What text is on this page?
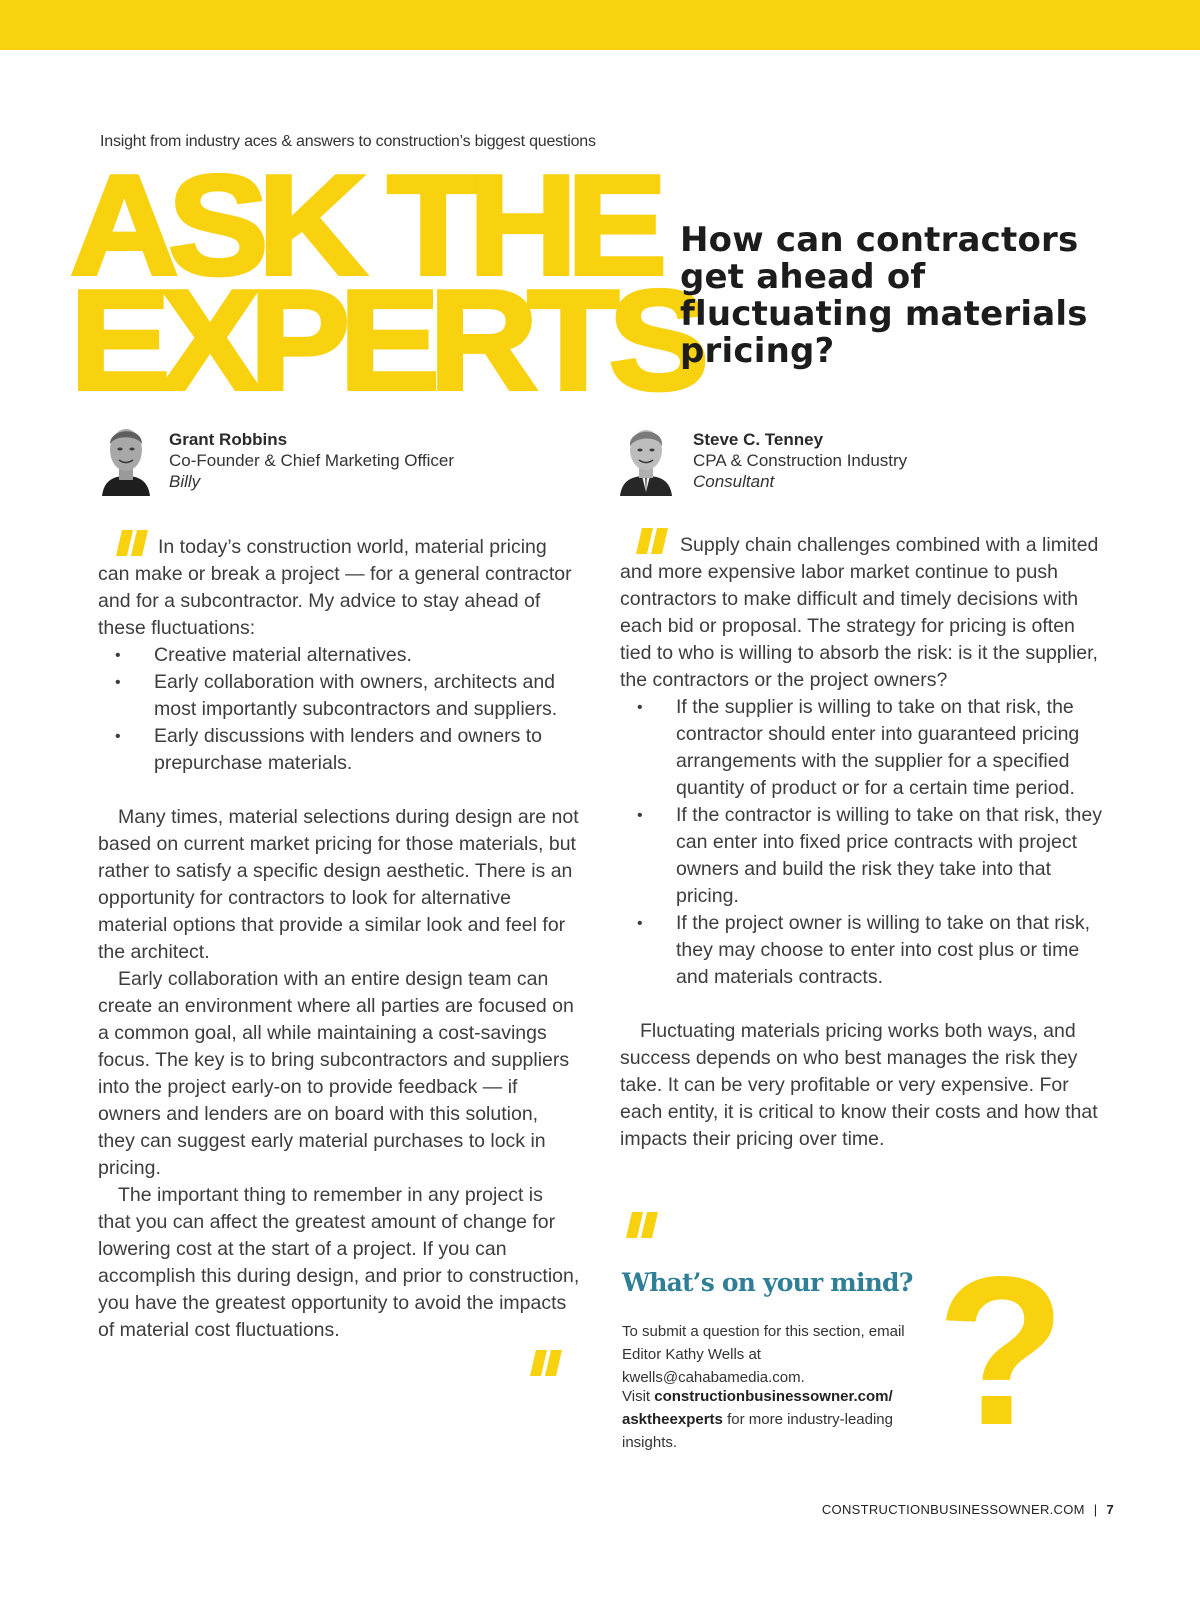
Insight from industry aces & answers to construction’s biggest questions
ASK THE
EXPERTS
How can contractors get ahead of fluctuating materials pricing?
Grant Robbins
Co-Founder & Chief Marketing Officer
Billy
Steve C. Tenney
CPA & Construction Industry
Consultant

In today’s construction world, material pricing can make or break a project — for a general contractor and for a subcontractor. My advice to stay ahead of these fluctuations:

• Creative material alternatives.
• Early collaboration with owners, architects and most importantly subcontractors and suppliers.
• Early discussions with lenders and owners to prepurchase materials.

Many times, material selections during design are not based on current market pricing for those materials, but rather to satisfy a specific design aesthetic. There is an opportunity for contractors to look for alternative material options that provide a similar look and feel for the architect.

Early collaboration with an entire design team can create an environment where all parties are focused on a common goal, all while maintaining a cost-savings focus. The key is to bring subcontractors and suppliers into the project early-on to provide feedback — if owners and lenders are on board with this solution, they can suggest early material purchases to lock in pricing.

The important thing to remember in any project is that you can affect the greatest amount of change for lowering cost at the start of a project. If you can accomplish this during design, and prior to construction, you have the greatest opportunity to avoid the impacts of material cost fluctuations.

Supply chain challenges combined with a limited and more expensive labor market continue to push contractors to make difficult and timely decisions with each bid or proposal. The strategy for pricing is often tied to who is willing to absorb the risk: is it the supplier, the contractors or the project owners?

• If the supplier is willing to take on that risk, the contractor should enter into guaranteed pricing arrangements with the supplier for a specified quantity of product or for a certain time period.
• If the contractor is willing to take on that risk, they can enter into fixed price contracts with project owners and build the risk they take into that pricing.
• If the project owner is willing to take on that risk, they may choose to enter into cost plus or time and materials contracts.

Fluctuating materials pricing works both ways, and success depends on who best manages the risk they take. It can be very profitable or very expensive. For each entity, it is critical to know their costs and how that impacts their pricing over time.

?
What’s on your mind?
To submit a question for this section, email
Editor Kathy Wells at kwells@cahabamedia.com.
Visit constructionbusinessowner.com/
asktheexperts for more industry-leading insights.
CONSTRUCTIONBUSINESSOWNER.COM | 7
